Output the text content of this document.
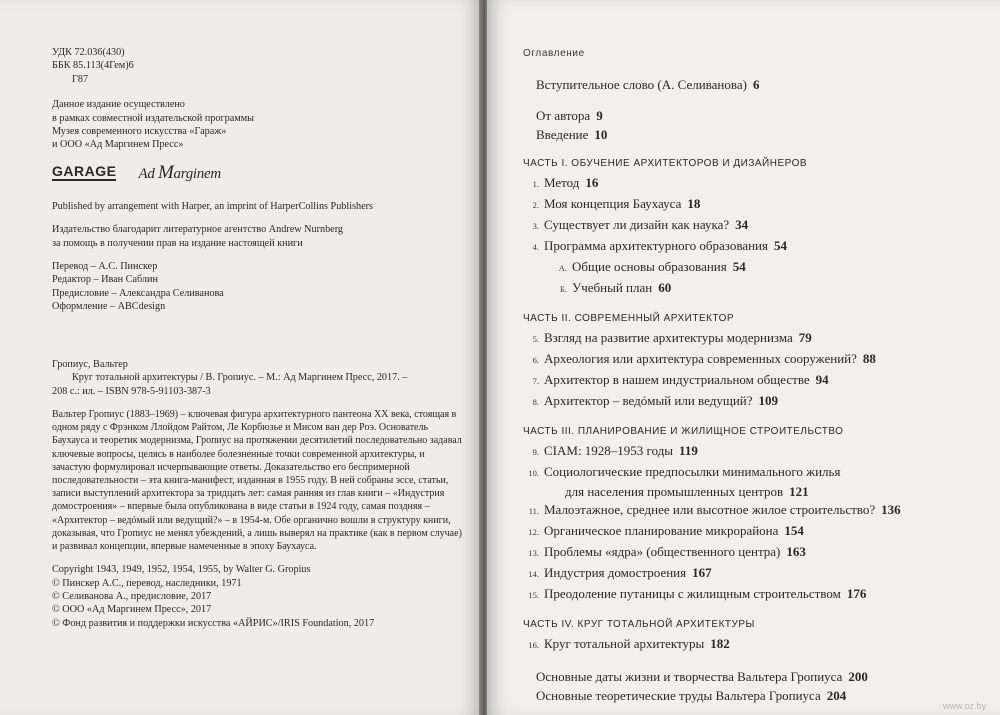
УДК 72.036(430)
ББК 85.113(4Гем)6
Г87
Данное издание осуществлено
в рамках совместной издательской программы
Музея современного искусства «Гараж»
и ООО «Ад Маргинем Пресс»
GARAGE Ad Marginem
Published by arrangement with Harper, an imprint of HarperCollins Publishers
Издательство благодарит литературное агентство Andrew Nurnberg
за помощь в получении прав на издание настоящей книги
Перевод – А.С. Пинскер
Редактор – Иван Саблин
Предисловие – Александра Селиванова
Оформление – ABCdesign
Гропиус, Вальтер
Круг тотальной архитектуры / В. Гропиус. – М.: Ад Маргинем Пресс, 2017. –
208 с.: ил. – ISBN 978-5-91103-387-3
Вальтер Гропиус (1883–1969) – ключевая фигура архитектурного пантеона XX века, стоящая в одном ряду с Фрэнком Ллойдом Райтом, Ле Корбюзье и Мисом ван дер Роэ. Основатель Баухауса и теоретик модернизма, Гропиус на протяжении десятилетий последовательно задавал ключевые вопросы, целясь в наиболее болезненные точки современной архитектуры, и зачастую формулировал исчерпывающие ответы. Доказательство его беспримерной последовательности – эта книга-манифест, изданная в 1955 году. В ней собраны эссе, статьи, записи выступлений архитектора за тридцать лет: самая ранняя из глав книги – «Индустрия домостроения» – впервые была опубликована в виде статьи в 1924 году, самая поздняя – «Архитектор – ведóмый или ведущий?» – в 1954-м. Обе органично вошли в структуру книги, доказывая, что Гропиус не менял убеждений, а лишь выверял на практике (как в первом случае) и развивал концепции, впервые намеченные в эпоху Баухауса.
Copyright 1943, 1949, 1952, 1954, 1955, by Walter G. Gropius
© Пинскер А.С., перевод, наследники, 1971
© Селиванова А., предисловие, 2017
© ООО «Ад Маргинем Пресс», 2017
© Фонд развития и поддержки искусства «АЙРИС»/IRIS Foundation, 2017
Оглавление
Вступительное слово (А. Селиванова) 6
От автора 9
Введение 10
ЧАСТЬ I. ОБУЧЕНИЕ АРХИТЕКТОРОВ И ДИЗАЙНЕРОВ
1. Метод 16
2. Моя концепция Баухауса 18
3. Существует ли дизайн как наука? 34
4. Программа архитектурного образования 54
А. Общие основы образования 54
Б. Учебный план 60
ЧАСТЬ II. СОВРЕМЕННЫЙ АРХИТЕКТОР
5. Взгляд на развитие архитектуры модернизма 79
6. Археология или архитектура современных сооружений? 88
7. Архитектор в нашем индустриальном обществе 94
8. Архитектор – ведóмый или ведущий? 109
ЧАСТЬ III. ПЛАНИРОВАНИЕ И ЖИЛИЩНОЕ СТРОИТЕЛЬСТВО
9. CIAM: 1928–1953 годы 119
10. Социологические предпосылки минимального жилья
для населения промышленных центров 121
11. Малоэтажное, среднее или высотное жилое строительство? 136
12. Органическое планирование микрорайона 154
13. Проблемы «ядра» (общественного центра) 163
14. Индустрия домостроения 167
15. Преодоление путаницы с жилищным строительством 176
ЧАСТЬ IV. КРУГ ТОТАЛЬНОЙ АРХИТЕКТУРЫ
16. Круг тотальной архитектуры 182
Основные даты жизни и творчества Вальтера Гропиуса 200
Основные теоретические труды Вальтера Гропиуса 204
www.oz.by
